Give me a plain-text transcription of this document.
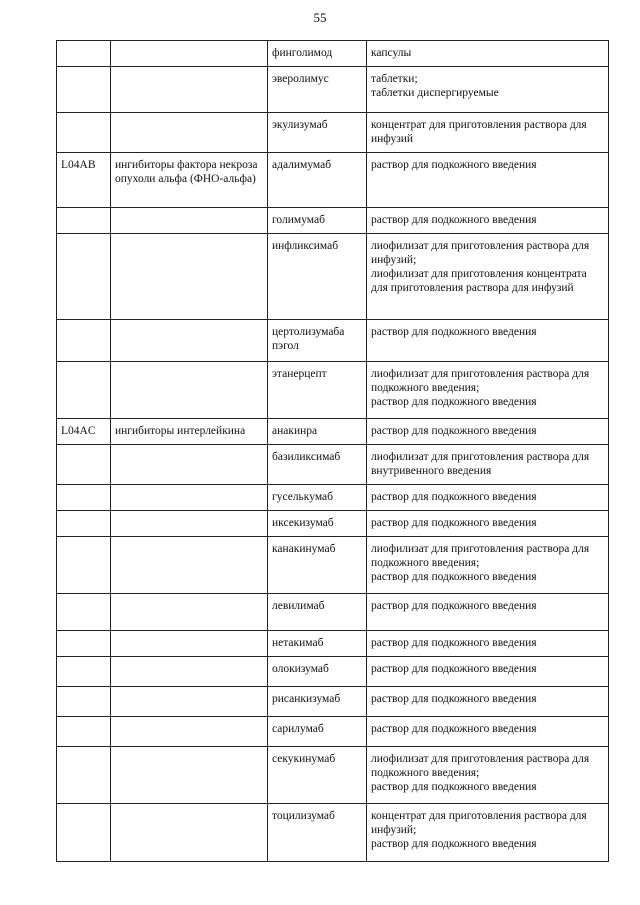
55
		финголимод	капсулы
		эверолимус	таблетки;
таблетки диспергируемые
		экулизумаб	концентрат для приготовления раствора для инфузий
L04AB	ингибиторы фактора некроза опухоли альфа (ФНО-альфа)	адалимумаб	раствор для подкожного введения
		голимумаб	раствор для подкожного введения
		инфликсимаб	лиофилизат для приготовления раствора для инфузий;
лиофилизат для приготовления концентрата для приготовления раствора для инфузий
		цертолизумаба пэгол	раствор для подкожного введения
		этанерцепт	лиофилизат для приготовления раствора для подкожного введения;
раствор для подкожного введения
L04AC	ингибиторы интерлейкина	анакинра	раствор для подкожного введения
		базиликсимаб	лиофилизат для приготовления раствора для внутривенного введения
		гуселькумаб	раствор для подкожного введения
		иксекизумаб	раствор для подкожного введения
		канакинумаб	лиофилизат для приготовления раствора для подкожного введения;
раствор для подкожного введения
		левилимаб	раствор для подкожного введения
		нетакимаб	раствор для подкожного введения
		олокизумаб	раствор для подкожного введения
		рисанкизумаб	раствор для подкожного введения
		сарилумаб	раствор для подкожного введения
		секукинумаб	лиофилизат для приготовления раствора для подкожного введения;
раствор для подкожного введения
		тоцилизумаб	концентрат для приготовления раствора для инфузий;
раствор для подкожного введения
